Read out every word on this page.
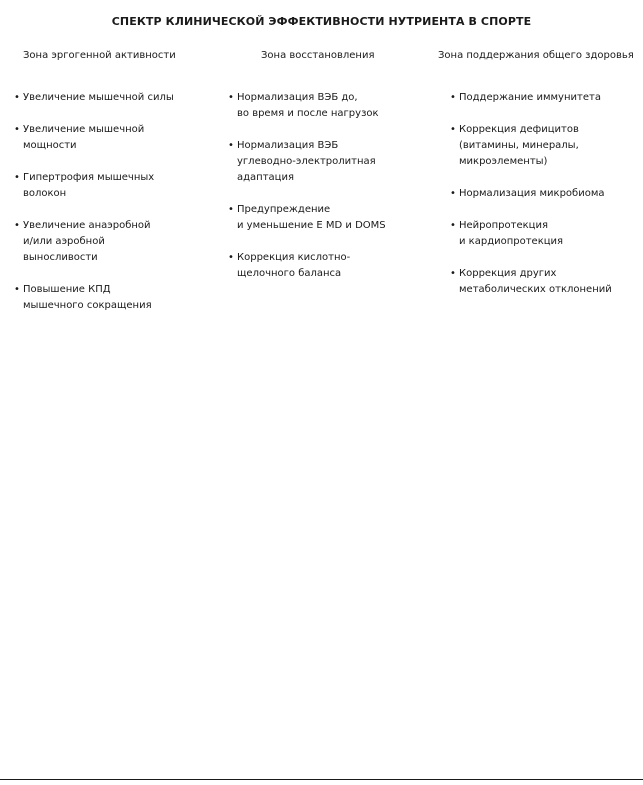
СПЕКТР КЛИНИЧЕСКОЙ ЭФФЕКТИВНОСТИ НУТРИЕНТА В СПОРТЕ
Зона эргогенной активности
• Увеличение мышечной силы
• Увеличение мышечной
мощности
• Гипертрофия мышечных
волокон
• Увеличение анаэробной
и/или аэробной
выносливости
• Повышение КПД
мышечного сокращения
Зона восстановления
• Нормализация ВЭБ до,
во время и после нагрузок
• Нормализация ВЭБ
углеводно-электролитная
адаптация
• Предупреждение
и уменьшение Е MD и DOMS
• Коррекция кислотно-
щелочного баланса
Зона поддержания общего здоровья
• Поддержание иммунитета
• Коррекция дефицитов
(витамины, минералы,
микроэлементы)
• Нормализация микробиома
• Нейропротекция
и кардиопротекция
• Коррекция других
метаболических отклонений
